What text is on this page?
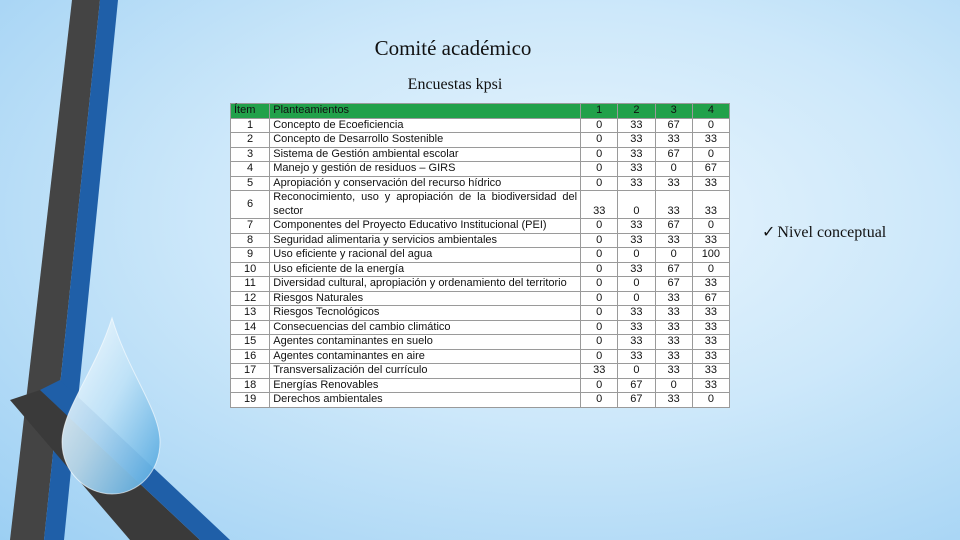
Comité académico
Encuestas kpsi
✓ Nivel conceptual
Ítem	Planteamientos	1	2	3	4
1	Concepto de Ecoeficiencia	0	33	67	0
2	Concepto de Desarrollo Sostenible	0	33	33	33
3	Sistema de Gestión ambiental escolar	0	33	67	0
4	Manejo y gestión de residuos – GIRS	0	33	0	67
5	Apropiación y conservación del recurso hídrico	0	33	33	33
6	Reconocimiento, uso y apropiación de la biodiversidad del sector	33	0	33	33
7	Componentes del Proyecto Educativo Institucional (PEI)	0	33	67	0
8	Seguridad alimentaria y servicios ambientales	0	33	33	33
9	Uso eficiente y racional del agua	0	0	0	100
10	Uso eficiente de la energía	0	33	67	0
11	Diversidad cultural, apropiación y ordenamiento del territorio	0	0	67	33
12	Riesgos Naturales	0	0	33	67
13	Riesgos Tecnológicos	0	33	33	33
14	Consecuencias del cambio climático	0	33	33	33
15	Agentes contaminantes en suelo	0	33	33	33
16	Agentes contaminantes en aire	0	33	33	33
17	Transversalización del currículo	33	0	33	33
18	Energías Renovables	0	67	0	33
19	Derechos ambientales	0	67	33	0
